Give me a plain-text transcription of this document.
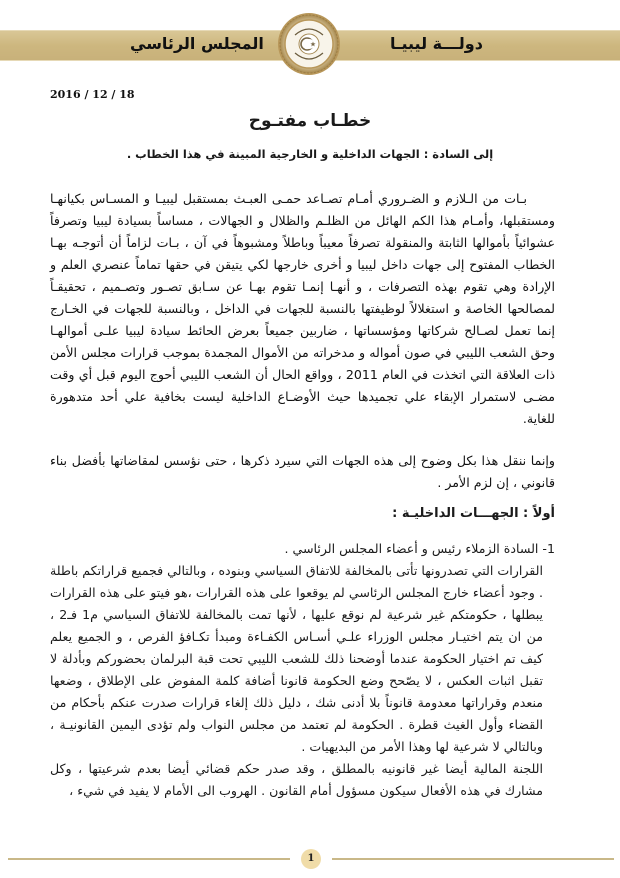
المجلس الرئاسي	دولـــة ليبيـا
2016 / 12 / 18
خطـاب مفتـوح
إلى السادة : الجهات الداخلية و الخارجية المبينة في هذا الخطاب .
بـات من الـلازم و الضـروري أمـام تصـاعد حمـى العبـث بمستقبل ليبيـا و المسـاس بكيانهـا ومستقبلها، وأمـام هذا الكم الهائل من الظلـم والظلال و الجهالات ، مساساً بسيادة ليبيا وتصرفاً عشوائياً بأموالها الثابتة والمنقولة تصرفاً معيباً وباطلاً ومشبوهاً في آن ، بـات لزاماً أن أتوجـه بهـا الخطاب المفتوح إلى جهات داخل ليبيا و أخرى خارجها لكي يتيقن في حقها تماماً عنصري العلم و الإرادة وهي تقوم بهذه التصرفات ، و أنهـا إنمـا تقوم بهـا عن سـابق تصـور وتصـميم ، تحقيقـاً لمصالحها الخاصة و استغلالاً لوظيفتها بالنسبة للجهات في الداخل ، وبالنسبة للجهات في الخـارج إنما تعمل لصـالح شركاتها ومؤسساتها ، ضاربين جميعاً بعرض الحائط سيادة ليبيا علـى أموالهـا وحق الشعب الليبي في صون أمواله و مدخراته من الأموال المجمدة بموجب قرارات مجلس الأمن ذات العلاقة التي اتخذت في العام 2011 ، وواقع الحال أن الشعب الليبي أحوج اليوم قبل أي وقت مضـى لاستمرار الإبقاء علي تجميدها حيث الأوضـاع الداخلية ليست بخافية علي أحد متدهورة للغاية.
وإنما ننقل هذا بكل وضوح إلى هذه الجهات التي سيرد ذكرها ، حتى نؤسس لمقاضاتها بأفضل بناء قانوني ، إن لزم الأمر .
أولاً : الجهـــات الداخليـة :
1- السادة الزملاء رئيس و أعضاء المجلس الرئاسي .
القرارات التي تصدرونها تأتى بالمخالفة للاتفاق السياسي وبنوده ، وبالتالي فجميع قراراتكم باطلة . وجود أعضاء خارج المجلس الرئاسي لم يوقعوا على هذه القرارات ،هو فيتو على هذه القرارات يبطلها ، حكومتكم غير شرعية لم نوقع عليها ، لأنها تمت بالمخالفة للاتفاق السياسي م1 فـ2 ، من ان يتم اختيـار مجلس الوزراء علـي أسـاس الكفـاءة ومبدأ تكـافؤ الفرص ، و الجميع يعلم كيف تم اختيار الحكومة عندما أوضحنا ذلك للشعب الليبي تحت قبة البرلمان بحضوركم وبأدلة لا تقبل اثبات العكس ، لا يصّحح وضع الحكومة قانونا أضافة كلمة المفوض على الإطلاق ، وضعها منعدم وقراراتها معدومة قانوناً بلا أدنى شك ، دليل ذلك إلغاء قرارات صدرت عنكم بأحكام من القضاء وأول الغيث قطرة . الحكومة لم تعتمد من مجلس النواب ولم تؤدى اليمين القانونيـة ، وبالتالي لا شرعية لها وهذا الأمر من البديهيات .
اللجنة المالية أيضا غير قانونيه بالمطلق ، وقد صدر حكم قضائي أيضا بعدم شرعيتها ، وكل مشارك في هذه الأفعال سيكون مسؤول أمام القانون . الهروب الى الأمام لا يفيد في شيء ،
1
